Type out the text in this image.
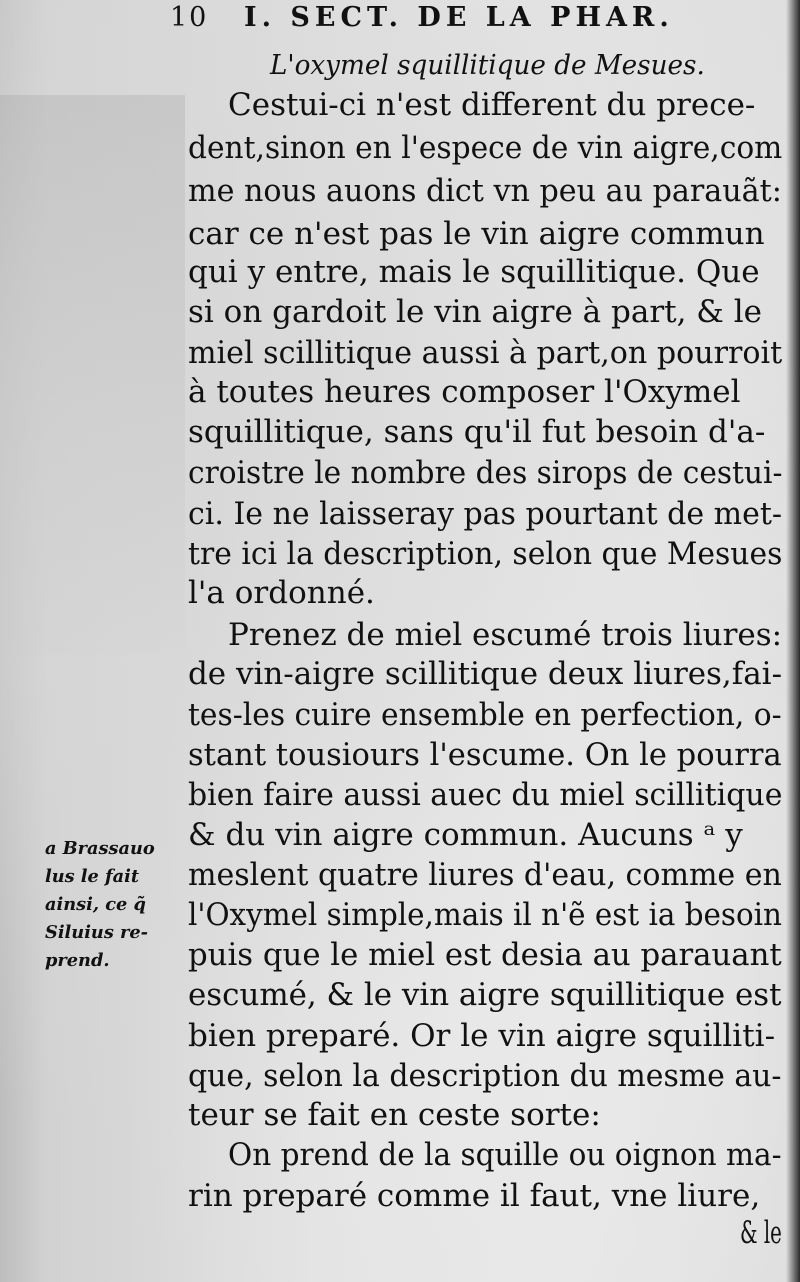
10 I. SECT. DE LA PHAR.
L'oxymel squillitique de Mesues.
Cestui-ci n'est different du prece-
dent,sinon en l'espece de vin aigre,com
me nous auons dict vn peu au parauãt:
car ce n'est pas le vin aigre commun
qui y entre, mais le squillitique. Que
si on gardoit le vin aigre à part, & le
miel scillitique aussi à part,on pourroit
à toutes heures composer l'Oxymel
squillitique, sans qu'il fut besoin d'a-
croistre le nombre des sirops de cestui-
ci. Ie ne laisseray pas pourtant de met-
tre ici la description, selon que Mesues
l'a ordonné.
Prenez de miel escumé trois liures:
de vin-aigre scillitique deux liures,fai-
tes-les cuire ensemble en perfection, o-
stant tousiours l'escume. On le pourra
bien faire aussi auec du miel scillitique
& du vin aigre commun. Aucuns ᵃ y
meslent quatre liures d'eau, comme en
l'Oxymel simple,mais il n'ẽ est ia besoin
puis que le miel est desia au parauant
escumé, & le vin aigre squillitique est
bien preparé. Or le vin aigre squilliti-
que, selon la description du mesme au-
teur se fait en ceste sorte:
On prend de la squille ou oignon ma-
rin preparé comme il faut, vne liure,
& le
a Brassauo
lus le fait
ainsi, ce q̃
Siluius re-
prend.
